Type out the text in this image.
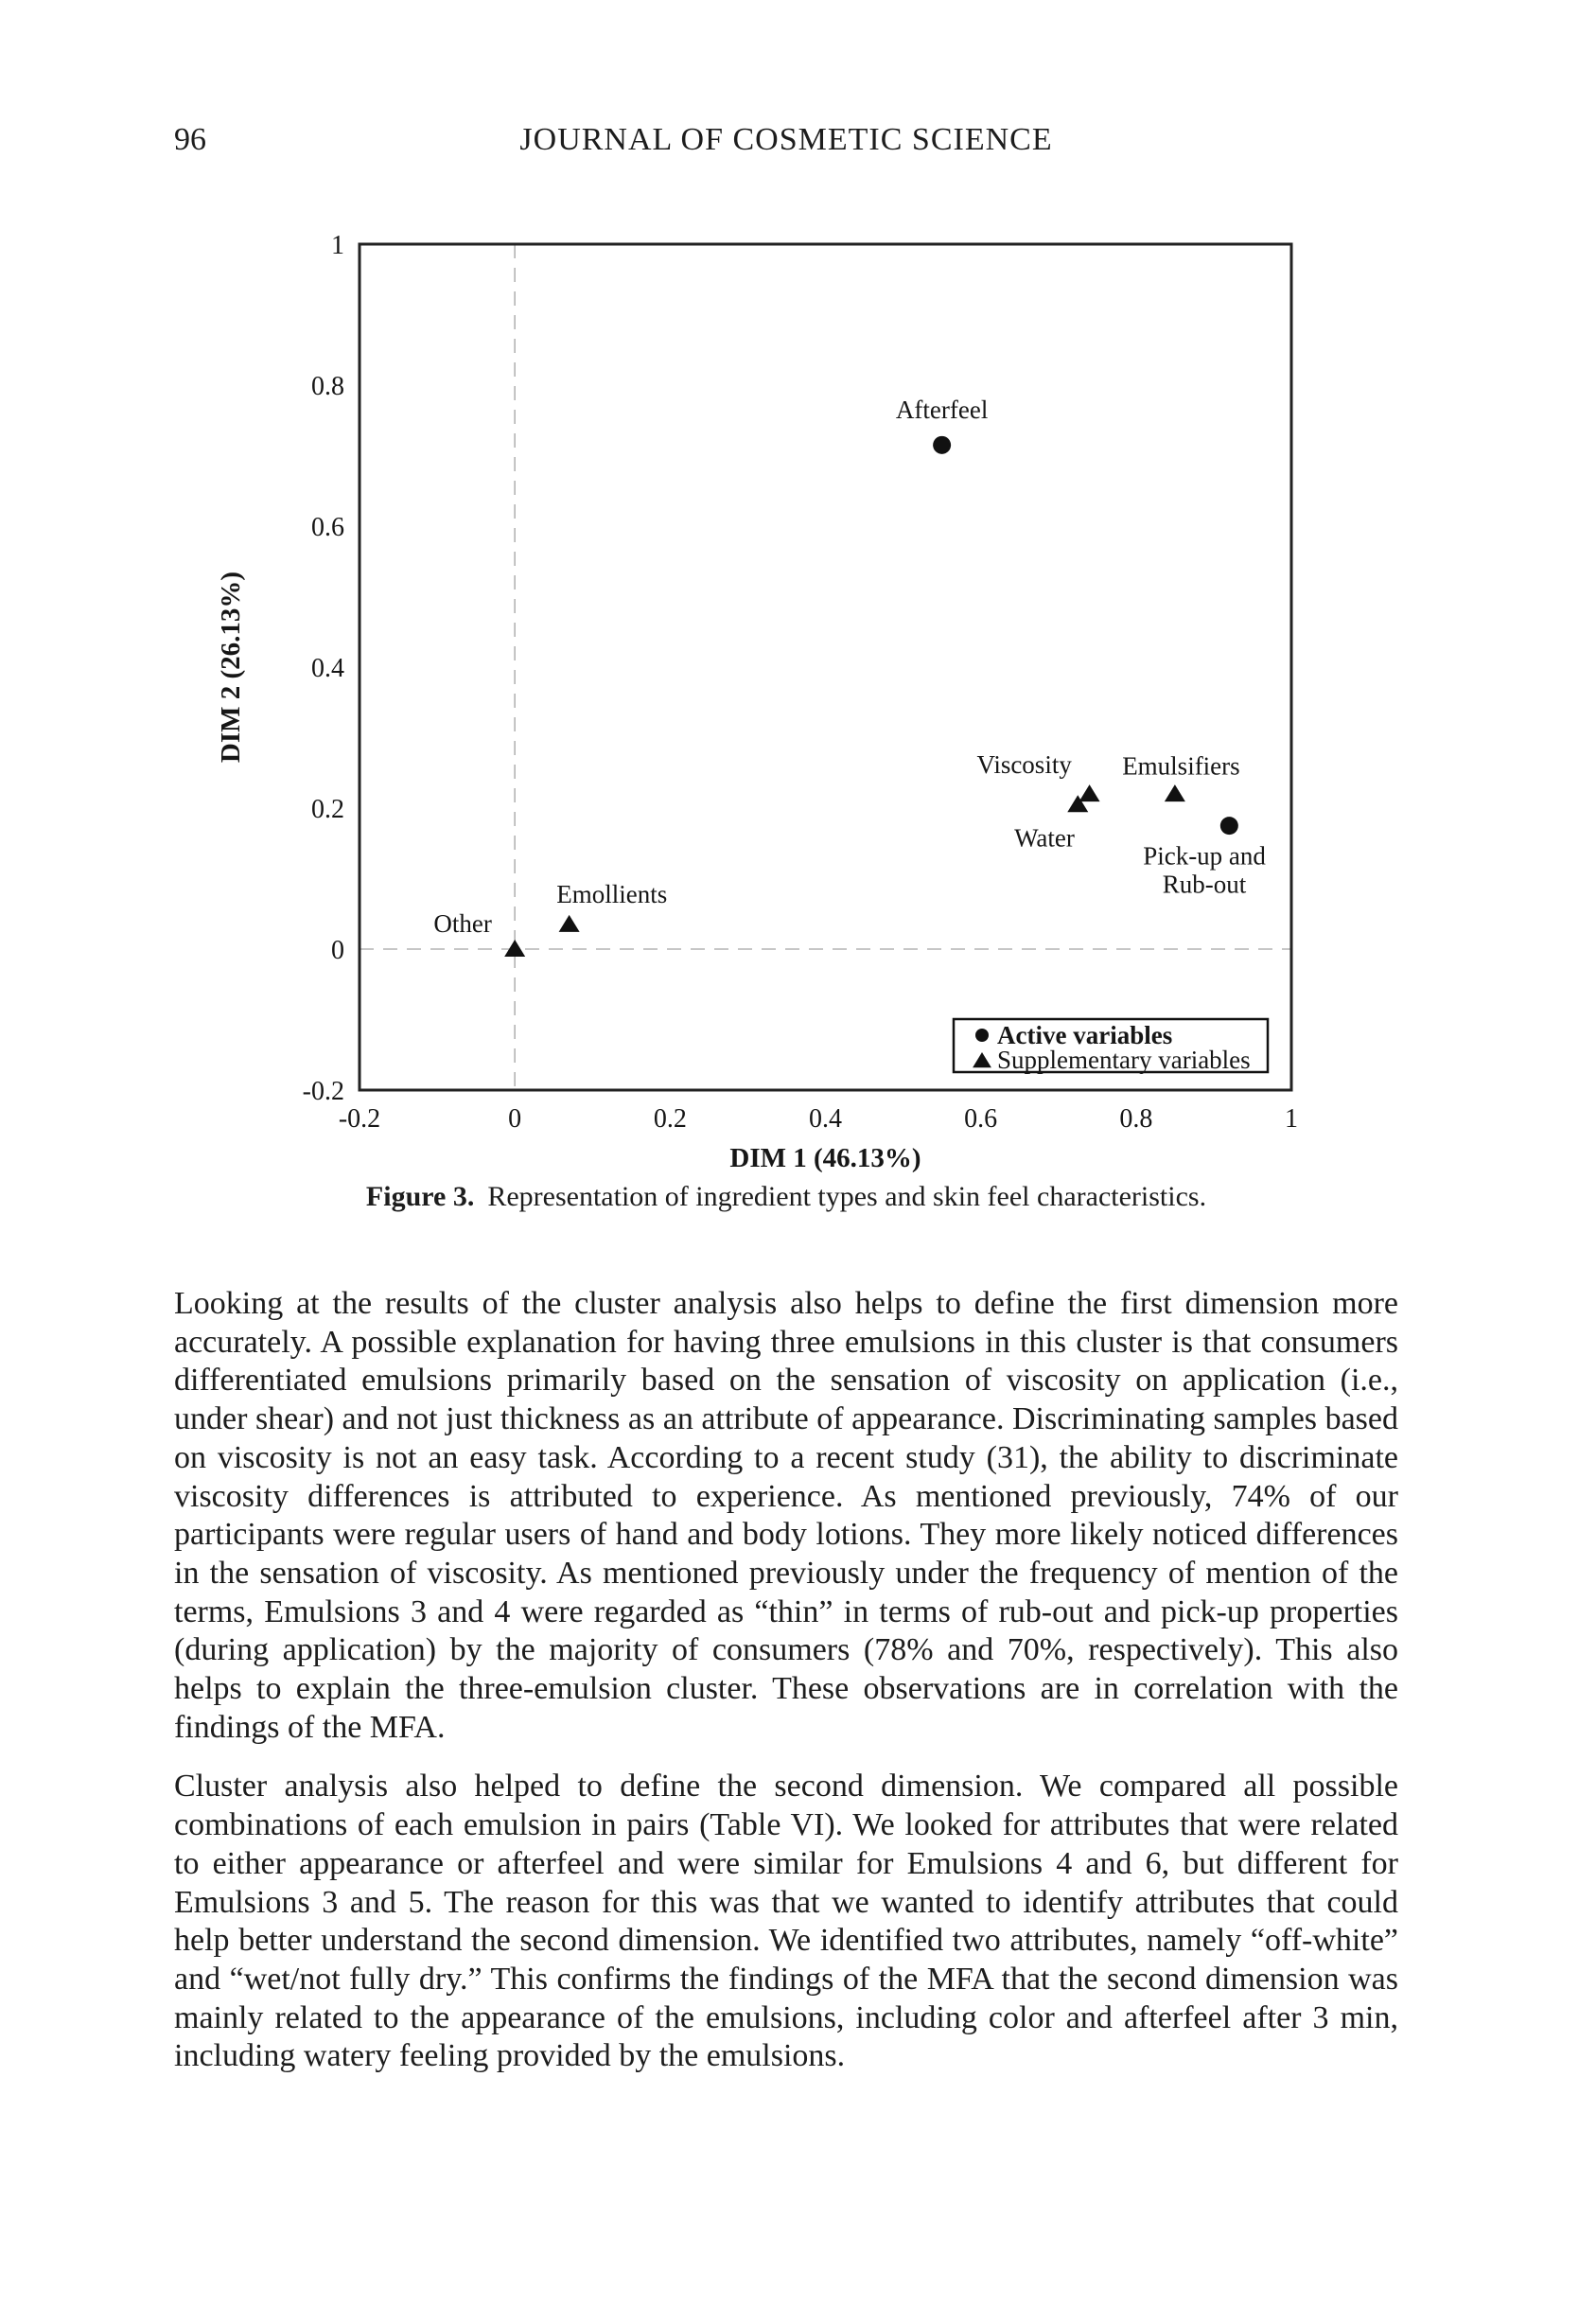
96	JOURNAL OF COSMETIC SCIENCE
-0.2	0	0.2	0.4	0.6	0.8	1
-0.2
0
0.2
0.4
0.6
0.8
1
DIM 1 (46.13%)
DIM 2 (26.13%)
Afterfeel
Pick-up and
Rub-out
Viscosity
Water
Emulsifiers
Emollients
Other
Active variables
Supplementary variables
Figure 3. Representation of ingredient types and skin feel characteristics.

Looking at the results of the cluster analysis also helps to define the first dimension more accurately. A possible explanation for having three emulsions in this cluster is that consumers differentiated emulsions primarily based on the sensation of viscosity on application (i.e., under shear) and not just thickness as an attribute of appearance. Discriminating samples based on viscosity is not an easy task. According to a recent study (31), the ability to discriminate viscosity differences is attributed to experience. As mentioned previously, 74% of our participants were regular users of hand and body lotions. They more likely noticed differences in the sensation of viscosity. As mentioned previously under the frequency of mention of the terms, Emulsions 3 and 4 were regarded as “thin” in terms of rub-out and pick-up properties (during application) by the majority of consumers (78% and 70%, respectively). This also helps to explain the three-emulsion cluster. These observations are in correlation with the findings of the MFA.

Cluster analysis also helped to define the second dimension. We compared all possible combinations of each emulsion in pairs (Table VI). We looked for attributes that were related to either appearance or afterfeel and were similar for Emulsions 4 and 6, but different for Emulsions 3 and 5. The reason for this was that we wanted to identify attributes that could help better understand the second dimension. We identified two attributes, namely “off-white” and “wet/not fully dry.” This confirms the findings of the MFA that the second dimension was mainly related to the appearance of the emulsions, including color and afterfeel after 3 min, including watery feeling provided by the emulsions.
